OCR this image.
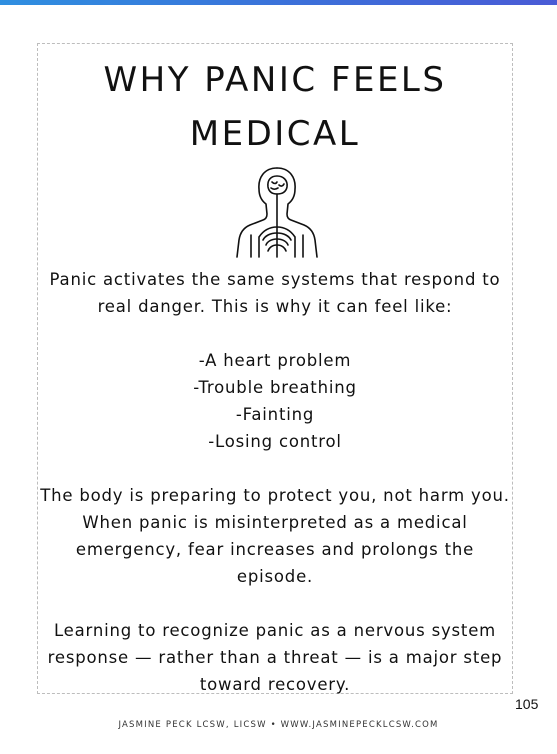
WHY PANIC FEELS
MEDICAL

Panic activates the same systems that respond to real danger. This is why it can feel like:

-A heart problem
-Trouble breathing
-Fainting
-Losing control

The body is preparing to protect you, not harm you. When panic is misinterpreted as a medical emergency, fear increases and prolongs the episode.

Learning to recognize panic as a nervous system response — rather than a threat — is a major step toward recovery.

105
JASMINE PECK LCSW, LICSW • WWW.JASMINEPECKLCSW.COM
